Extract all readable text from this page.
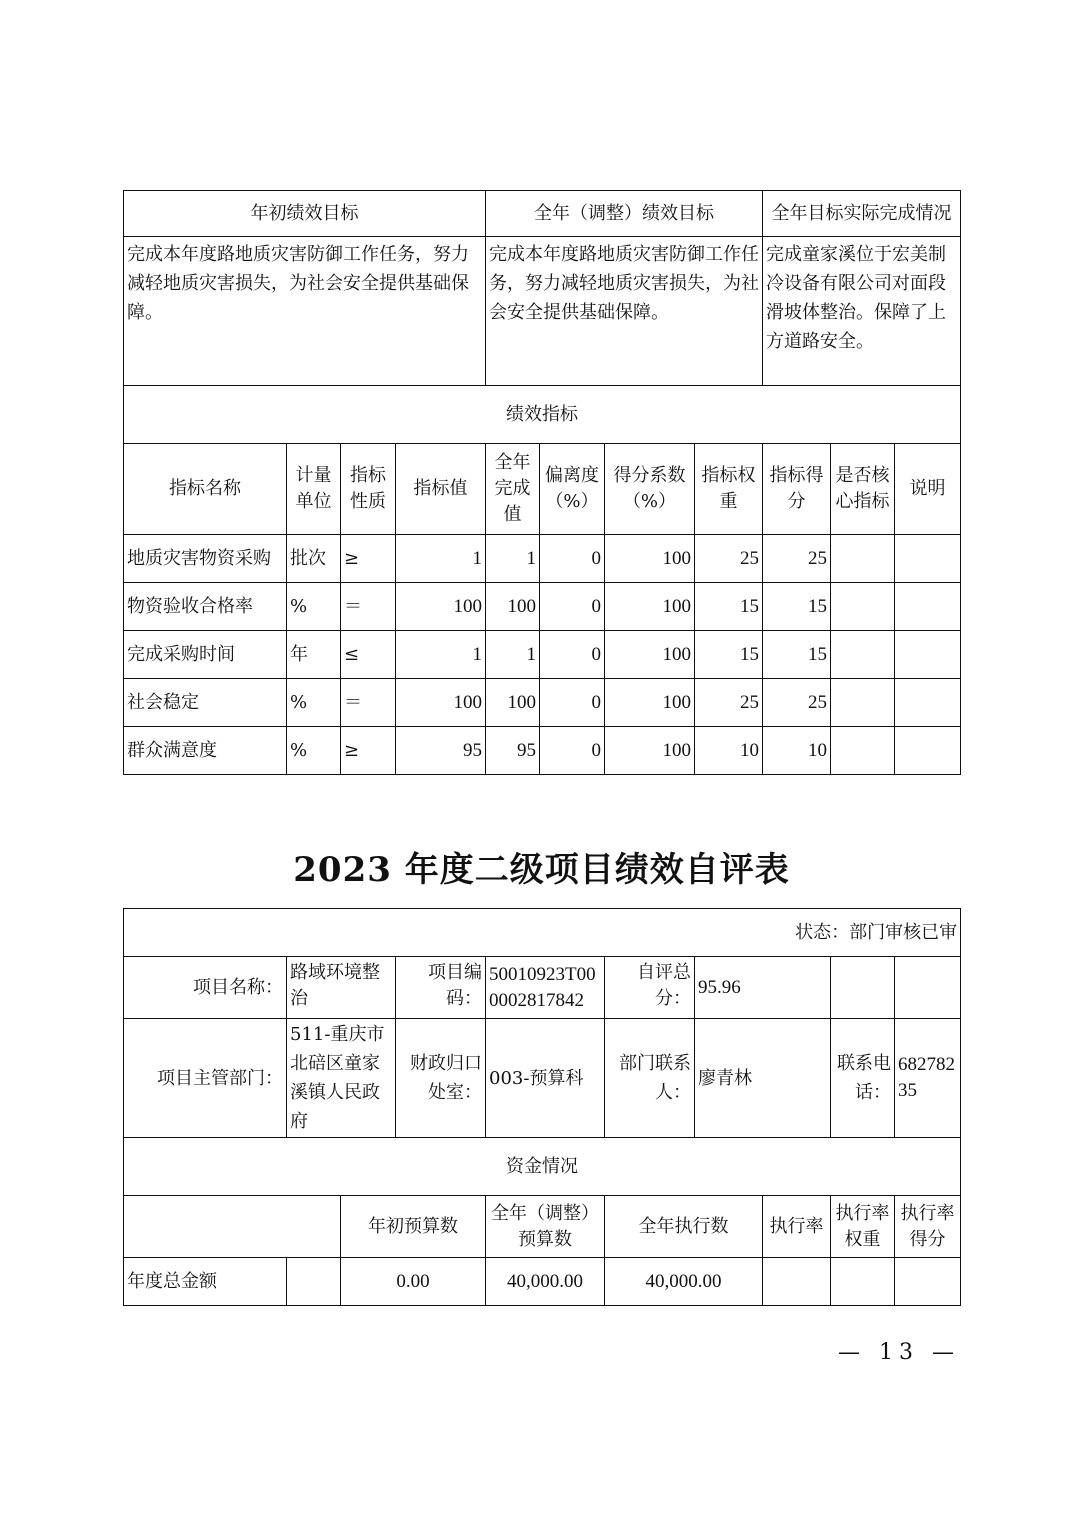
年初绩效目标				全年（调整）绩效目标				全年目标实际完成情况		
完成本年度路地质灾害防御工作任务，努力减轻地质灾害损失，为社会安全提供基础保障。				完成本年度路地质灾害防御工作任务，努力减轻地质灾害损失，为社会安全提供基础保障。				完成童家溪位于宏美制冷设备有限公司对面段滑坡体整治。保障了上方道路安全。		
绩效指标										
指标名称	计量单位	指标性质	指标值	全年完成值	偏离度（%）	得分系数（%）	指标权重	指标得分	是否核心指标	说明
地质灾害物资采购	批次	≥	1	1	0	100	25	25		
物资验收合格率	%	＝	100	100	0	100	15	15		
完成采购时间	年	≤	1	1	0	100	15	15		
社会稳定	%	＝	100	100	0	100	25	25		
群众满意度	%	≥	95	95	0	100	10	10		
2023 年度二级项目绩效自评表
状态：部门审核已审									
项目名称：	路域环境整治		项目编码：	50010923T000002817842	自评总分：	95.96			
项目主管部门：	511-重庆市北碚区童家溪镇人民政府		财政归口处室：	003-预算科	部门联系人：	廖青林		联系电话：	68278235
资金情况									
		年初预算数		全年（调整）预算数	全年执行数		执行率	执行率权重	执行率得分
年度总金额		0.00		40,000.00	40,000.00				
— 13 —
